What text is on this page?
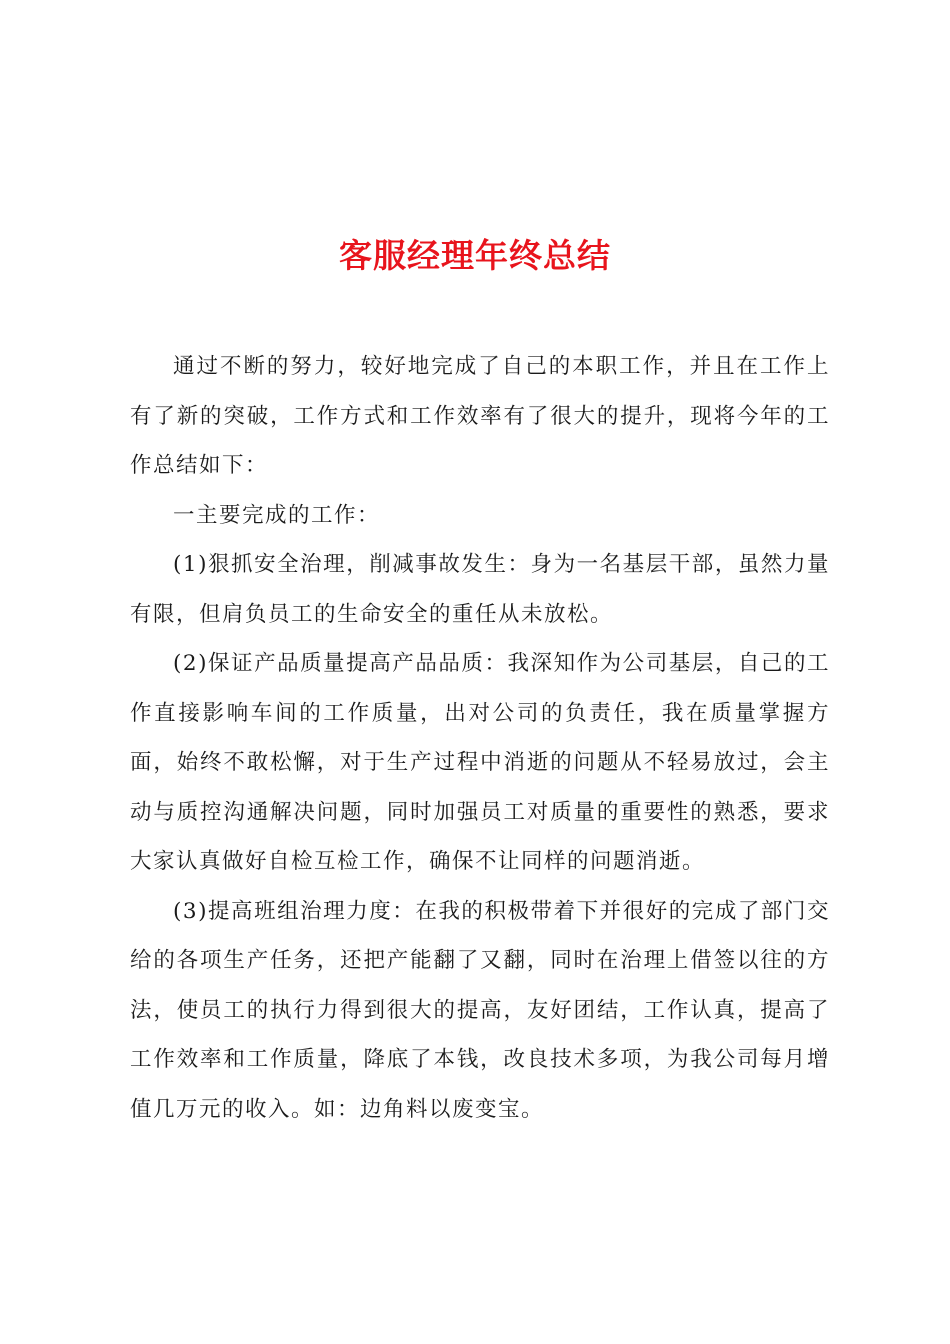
客服经理年终总结

通过不断的努力，较好地完成了自己的本职工作，并且在工作上有了新的突破，工作方式和工作效率有了很大的提升，现将今年的工作总结如下：

一主要完成的工作：

(1)狠抓安全治理，削减事故发生：身为一名基层干部，虽然力量有限，但肩负员工的生命安全的重任从未放松。

(2)保证产品质量提高产品品质：我深知作为公司基层，自己的工作直接影响车间的工作质量，出对公司的负责任，我在质量掌握方面，始终不敢松懈，对于生产过程中消逝的问题从不轻易放过，会主动与质控沟通解决问题，同时加强员工对质量的重要性的熟悉，要求大家认真做好自检互检工作，确保不让同样的问题消逝。

(3)提高班组治理力度：在我的积极带着下并很好的完成了部门交给的各项生产任务，还把产能翻了又翻，同时在治理上借签以往的方法，使员工的执行力得到很大的提高，友好团结，工作认真，提高了工作效率和工作质量，降底了本钱，改良技术多项，为我公司每月增值几万元的收入。如：边角料以废变宝。
